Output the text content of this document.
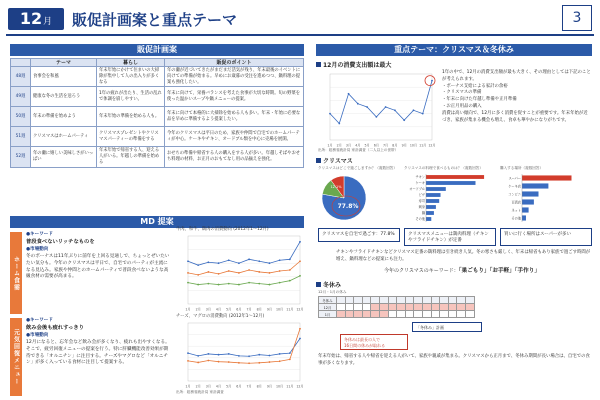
12 月 販促計画案と重点テーマ	3
販促計画案
	テーマ	暮らし	販促のポイント
48週	食事会を和風	年末年始にかけて住まいの大掃除が集中して人の出入りが多くなる	年の瀬が近づいてきたがまだまだ活気が残り、年末最後のイベントに向けての準備が始まる。早めにお歳暮の受注を進めつつ、鍋料理の提案も強化したい。
49週	健康な冬の生活を送ろう	1年の疲れが出たり、生活の乱れで体調を崩しやすい。	年末に向けて、栄養バランスを考えた食事が大切な時期。旬の野菜を使った温かいスープや鍋メニューの提案。
50週	年末の準備を始めよう	年末年始の準備を始める人も。	年末に向けて本格的に大掃除を始める人も多い。年末・年始に必要な品を早めに準備するよう提案したい。
51週	クリスマスはホームパーティ	クリスマスプレゼントやクリスマスパーティーの準備をする	今年のクリスマスは平日のため、家族や仲間で自宅でのホームパーティが中心。ケーキやチキン、オードブル類を中心に売場を展開。
52週	年の瀬に嬉しい美味しさがいっぱい	年末年始で帰省する人、迎える人がいる。年越しの準備を始める	おせちの準備や帰省する人の購入をする人が多い。年越しそばやおせち料理の材料、お正月のおもてなし用の品揃えを強化。
MD 提案
ホーム食需
●キーワード
普段食べないリッチなものを
●市場動向
冬のボーナスは11年ぶりに前年を上回る見通しで、ちょっとぜいたいたい気分も。今年のクリスマスは平日で、自宅でのパーティが主流になる見込み。家族や仲間とのホームパーティで普段食べないような高級食材の需要が高まる。
牛肉、和牛、鶏肉の消費動向 (2012年1～12月)
1月 2月 3月 4月 5月 6月 7月 8月 9月 10月 11月 12月
元気回復メニュー
●キーワード
飲み会後も疲れすっきり
●市場動向
12月になると、忘年会など飲み会が多くなり、疲れも出やすくなる。そこで、疲労回復メニューの提案を行う。特に肝臓機能改善効果が期待できる「オルニチン」に注目する。チーズやマグロなど「オルニチン」が多く入っている食材に注目して提案する。
チーズ、マグロの消費動向 (2012年1～12月)
1月 2月 3月 4月 5月 6月 7月 8月 9月 10月 11月 12月
出所：総務省統計局 家計調査
重点テーマ：クリスマス＆冬休み
12月の消費支出額は最大
1月 2月 3月 4月 5月 6月 7月 8月 9月 10月 11月 12月
出所：総務省統計局 家計調査（二人以上の世帯）
1年の中で、12月の消費支出額が最も大きく、その理由としては下記のことが考えられます。
・ボーナス支給による家計の余裕
・クリスマスの準備
・年末に向けた年越し準備や正月準備
・お正月用品の購入
消費は高い傾向で、12月に多く消費を促すことが重要です。年末年始が近づき、家族が集まる機会も増え、食卓も華やかになりがちです。
クリスマス
クリスマスはどこで過ごしますか？（複数回答）	クリスマスの料理で食べるものは？（複数回答）	購入する場所（複数回答）
77.8%
12.1%
チキン
ケーキ
オードブル
ピザ
寿司
刺身
鍋
その他
スーパー
ケーキ店
コンビニ
百貨店
ネット
その他
クリスマスを自宅で過ごす：77.8%	クリスマスメニューは鶏肉料理（チキンやフライドチキン）が定番
買いに行く場所はスーパーが多い
チキンやフライドチキンなどクリスマス定番の鶏料理は引き続き人気。冬の寒さも厳しく、年末は帰省もあり家族で過ごす時間が増え、鍋料理などの提案にも注力。
今年のクリスマスのキーワード：「巣ごもり」「お手軽」「手作り」
冬休み
12月・1月の休み
冬休み																
12月																
1月																
「冬休み」計画
冬休みは最長の人で
16日間の休みが取れる
年末年始は、帰省する人や帰省を迎える人がいて、家族や親戚が集まる。クリスマスから正月まで、冬休み期間が長い場合は、自宅での食事が多くなります。
